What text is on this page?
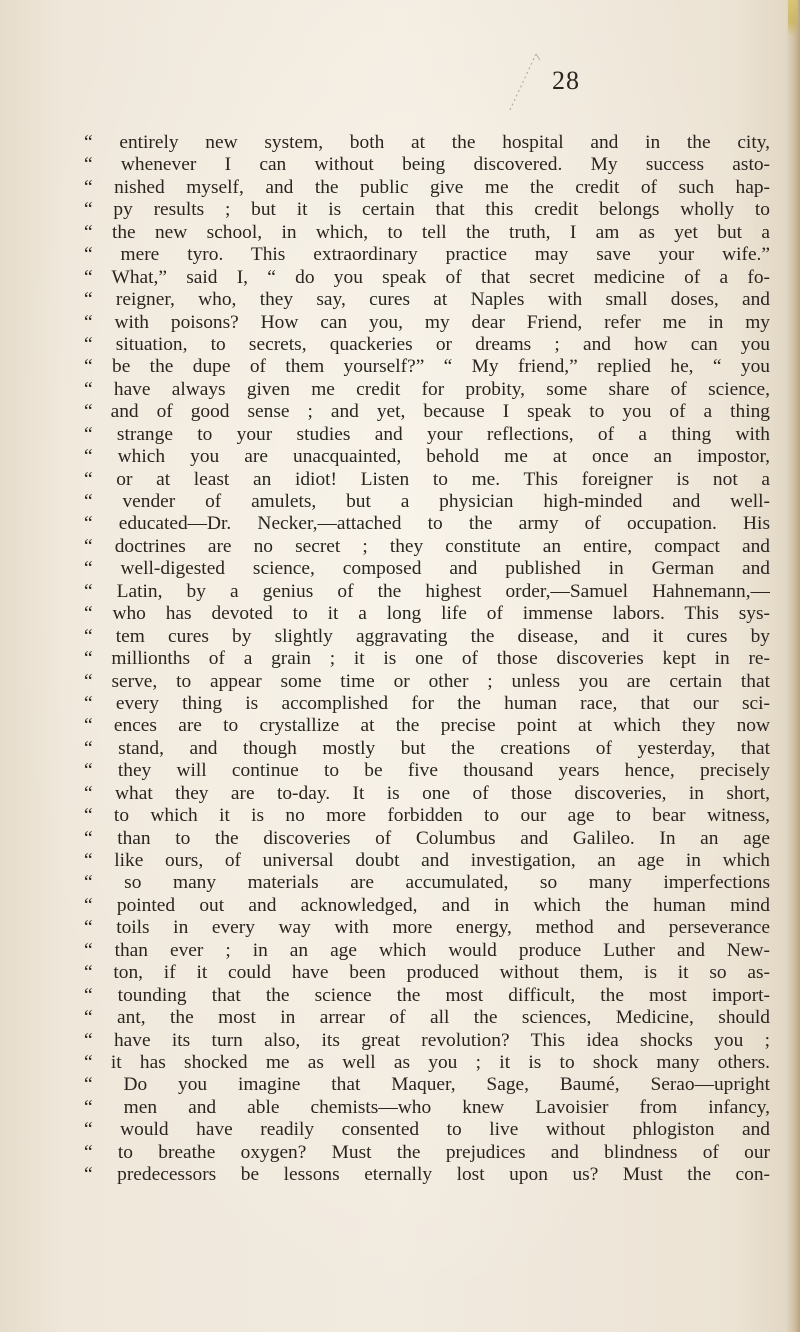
28
“ entirely new system, both at the hospital and in the city,
“ whenever I can without being discovered. My success asto-
“ nished myself, and the public give me the credit of such hap-
“ py results ; but it is certain that this credit belongs wholly to
“ the new school, in which, to tell the truth, I am as yet but a
“ mere tyro. This extraordinary practice may save your wife.”
“ What,” said I, “ do you speak of that secret medicine of a fo-
“ reigner, who, they say, cures at Naples with small doses, and
“ with poisons? How can you, my dear Friend, refer me in my
“ situation, to secrets, quackeries or dreams ; and how can you
“ be the dupe of them yourself?” “ My friend,” replied he, “ you
“ have always given me credit for probity, some share of science,
“ and of good sense ; and yet, because I speak to you of a thing
“ strange to your studies and your reflections, of a thing with
“ which you are unacquainted, behold me at once an impostor,
“ or at least an idiot! Listen to me. This foreigner is not a
“ vender of amulets, but a physician high-minded and well-
“ educated—Dr. Necker,—attached to the army of occupation. His
“ doctrines are no secret ; they constitute an entire, compact and
“ well-digested science, composed and published in German and
“ Latin, by a genius of the highest order,—Samuel Hahnemann,—
“ who has devoted to it a long life of immense labors. This sys-
“ tem cures by slightly aggravating the disease, and it cures by
“ millionths of a grain ; it is one of those discoveries kept in re-
“ serve, to appear some time or other ; unless you are certain that
“ every thing is accomplished for the human race, that our sci-
“ ences are to crystallize at the precise point at which they now
“ stand, and though mostly but the creations of yesterday, that
“ they will continue to be five thousand years hence, precisely
“ what they are to-day. It is one of those discoveries, in short,
“ to which it is no more forbidden to our age to bear witness,
“ than to the discoveries of Columbus and Galileo. In an age
“ like ours, of universal doubt and investigation, an age in which
“ so many materials are accumulated, so many imperfections
“ pointed out and acknowledged, and in which the human mind
“ toils in every way with more energy, method and perseverance
“ than ever ; in an age which would produce Luther and New-
“ ton, if it could have been produced without them, is it so as-
“ tounding that the science the most difficult, the most import-
“ ant, the most in arrear of all the sciences, Medicine, should
“ have its turn also, its great revolution? This idea shocks you ;
“ it has shocked me as well as you ; it is to shock many others.
“ Do you imagine that Maquer, Sage, Baumé, Serao—upright
“ men and able chemists—who knew Lavoisier from infancy,
“ would have readily consented to live without phlogiston and
“ to breathe oxygen? Must the prejudices and blindness of our
“ predecessors be lessons eternally lost upon us? Must the con-
